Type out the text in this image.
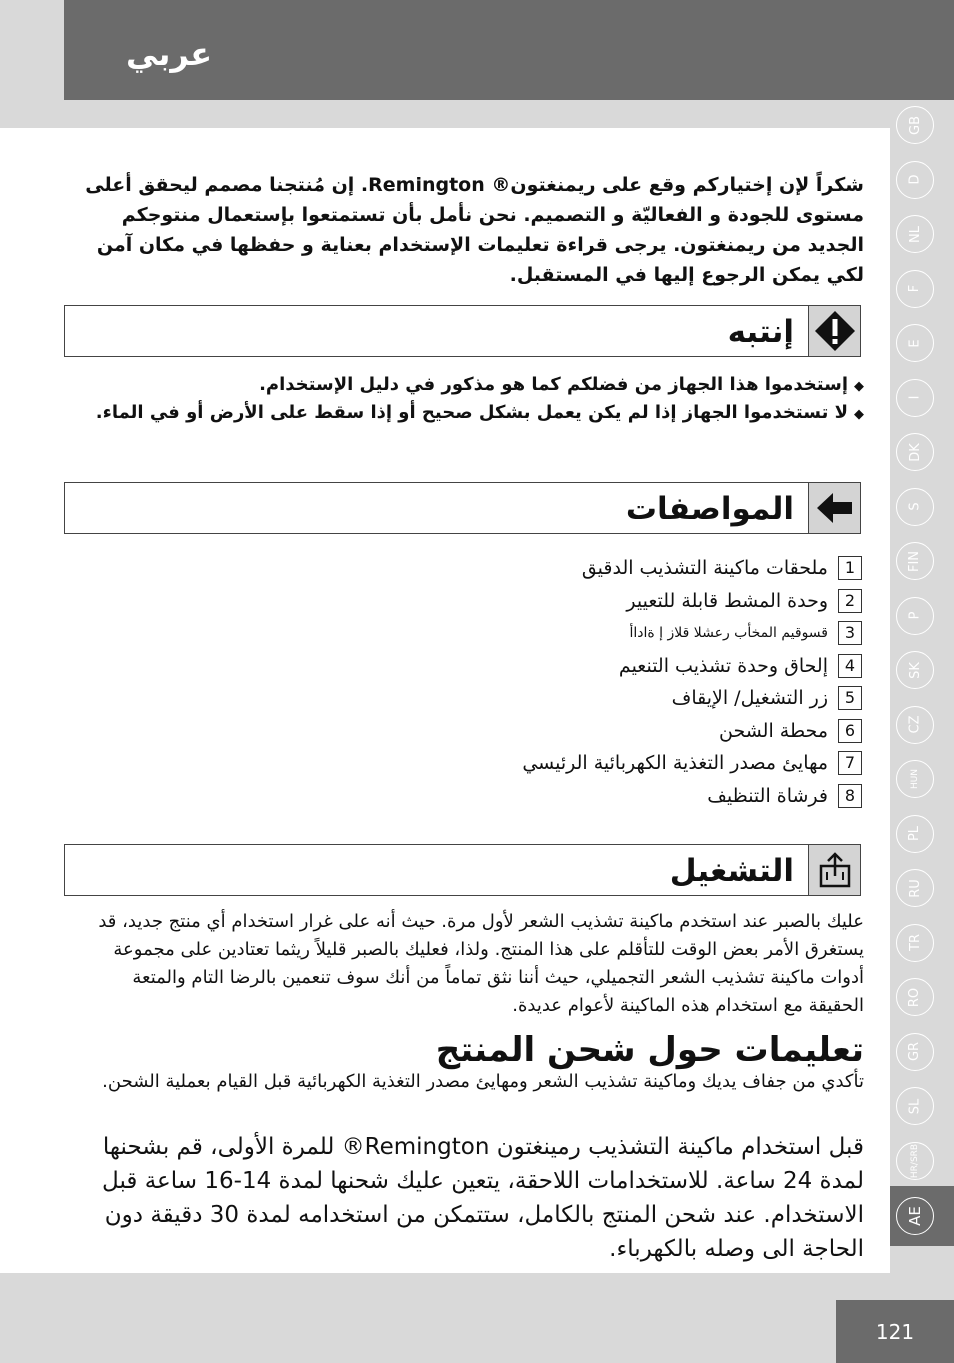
عربي
شكراً لإن إختياركم وقع على ريمنغتون® Remington. إن مُنتجنا مصمم ليحقق أعلى مستوى للجودة و الفعاليّة و التصميم. نحن نأمل بأن تستمتعوا بإستعمال منتوجكم الجديد من ريمنغتون. يرجى قراءة تعليمات الإستخدام بعناية و حفظها في مكان آمن لكي يمكن الرجوع إليها في المستقبل.
إنتبه
◆ إستخدموا هذا الجهاز من فضلكم كما هو مذكور في دليل الإستخدام.
◆ لا تستخدموا الجهاز إذا لم يكن يعمل بشكل صحيح أو إذا سقط على الأرض أو في الماء.
المواصفات
1
ملحقات ماكينة التشذيب الدقيق
2
وحدة المشط قابلة للتعيير
3
قسوقيم المخأب رعشلا قلاز إ ةاداأ
4
إلحاق وحدة تشذيب التنعيم
5
زر التشغيل/ الإيقاف
6
محطة الشحن
7
مهايئ مصدر التغذية الكهربائية الرئيسي
8
فرشاة التنظيف
التشغيل
عليك بالصبر عند استخدم ماكينة تشذيب الشعر لأول مرة. حيث أنه على غرار استخدام أي منتج جديد، قد يستغرق الأمر بعض الوقت للتأقلم على هذا المنتج. ولذا، فعليك بالصبر قليلاً ريثما تعتادين على مجموعة أدوات ماكينة تشذيب الشعر التجميلي، حيث أننا نثق تماماً من أنك سوف تنعمين بالرضا التام والمتعة الحقيقة مع استخدام هذه الماكينة لأعوام عديدة.
تعليمات حول شحن المنتج
تأكدي من جفاف يديك وماكينة تشذيب الشعر ومهايئ مصدر التغذية الكهربائية قبل القيام بعملية الشحن.
قبل استخدام ماكينة التشذيب رمينغتون Remington® للمرة الأولى، قم بشحنها لمدة 24 ساعة. للاستخدامات اللاحقة، يتعين عليك شحنها لمدة 14-16 ساعة قبل الاستخدام. عند شحن المنتج بالكامل، ستتمكن من استخدامه لمدة 30 دقيقة دون الحاجة الى وصله بالكهرباء.
GB
D
NL
F
E
I
DK
S
FIN
P
SK
CZ
HUN
PL
RU
TR
RO
GR
SL
HR/SRB
AE
121
